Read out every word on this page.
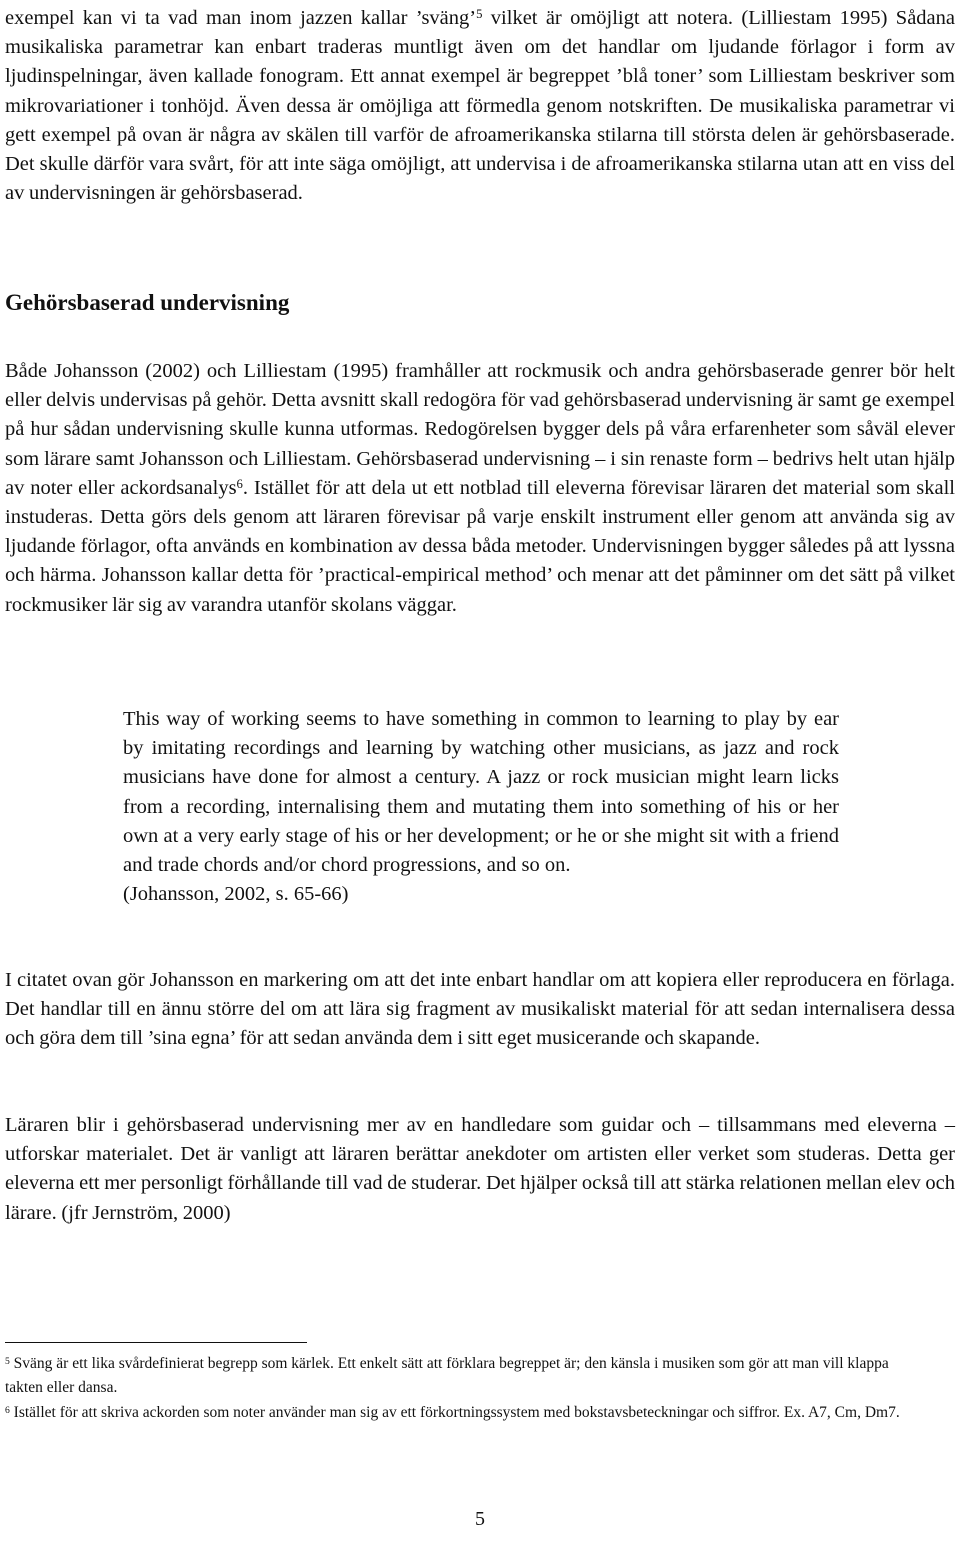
exempel kan vi ta vad man inom jazzen kallar ’sväng’$^5$ vilket är omöjligt att notera. (Lilliestam 1995) Sådana musikaliska parametrar kan enbart traderas muntligt även om det handlar om ljudande förlagor i form av ljudinspelningar, även kallade fonogram. Ett annat exempel är begreppet ’blå toner’ som Lilliestam beskriver som mikrovariationer i tonhöjd. Även dessa är omöjliga att förmedla genom notskriften. De musikaliska parametrar vi gett exempel på ovan är några av skälen till varför de afroamerikanska stilarna till största delen är gehörsbaserade. Det skulle därför vara svårt, för att inte säga omöjligt, att undervisa i de afroamerikanska stilarna utan att en viss del av undervisningen är gehörsbaserad.

Gehörsbaserad undervisning

Både Johansson (2002) och Lilliestam (1995) framhåller att rockmusik och andra gehörsbaserade genrer bör helt eller delvis undervisas på gehör. Detta avsnitt skall redogöra för vad gehörsbaserad undervisning är samt ge exempel på hur sådan undervisning skulle kunna utformas. Redogörelsen bygger dels på våra erfarenheter som såväl elever som lärare samt Johansson och Lilliestam. Gehörsbaserad undervisning – i sin renaste form – bedrivs helt utan hjälp av noter eller ackordsanalys$^6$. Istället för att dela ut ett notblad till eleverna förevisar läraren det material som skall instuderas. Detta görs dels genom att läraren förevisar på varje enskilt instrument eller genom att använda sig av ljudande förlagor, ofta används en kombination av dessa båda metoder. Undervisningen bygger således på att lyssna och härma. Johansson kallar detta för ’practical-empirical method’ och menar att det påminner om det sätt på vilket rockmusiker lär sig av varandra utanför skolans väggar.

This way of working seems to have something in common to learning to play by ear by imitating recordings and learning by watching other musicians, as jazz and rock musicians have done for almost a century. A jazz or rock musician might learn licks from a recording, internalising them and mutating them into something of his or her own at a very early stage of his or her development; or he or she might sit with a friend and trade chords and/or chord progressions, and so on.
(Johansson, 2002, s. 65-66)

I citatet ovan gör Johansson en markering om att det inte enbart handlar om att kopiera eller reproducera en förlaga. Det handlar till en ännu större del om att lära sig fragment av musikaliskt material för att sedan internalisera dessa och göra dem till ’sina egna’ för att sedan använda dem i sitt eget musicerande och skapande.

Läraren blir i gehörsbaserad undervisning mer av en handledare som guidar och – tillsammans med eleverna – utforskar materialet. Det är vanligt att läraren berättar anekdoter om artisten eller verket som studeras. Detta ger eleverna ett mer personligt förhållande till vad de studerar. Det hjälper också till att stärka relationen mellan elev och lärare. (jfr Jernström, 2000)

$^5$ Sväng är ett lika svårdefinierat begrepp som kärlek. Ett enkelt sätt att förklara begreppet är; den känsla i musiken som gör att man vill klappa takten eller dansa.

$^6$ Istället för att skriva ackorden som noter använder man sig av ett förkortningssystem med bokstavsbeteckningar och siffror. Ex. A7, Cm, Dm7.

5
